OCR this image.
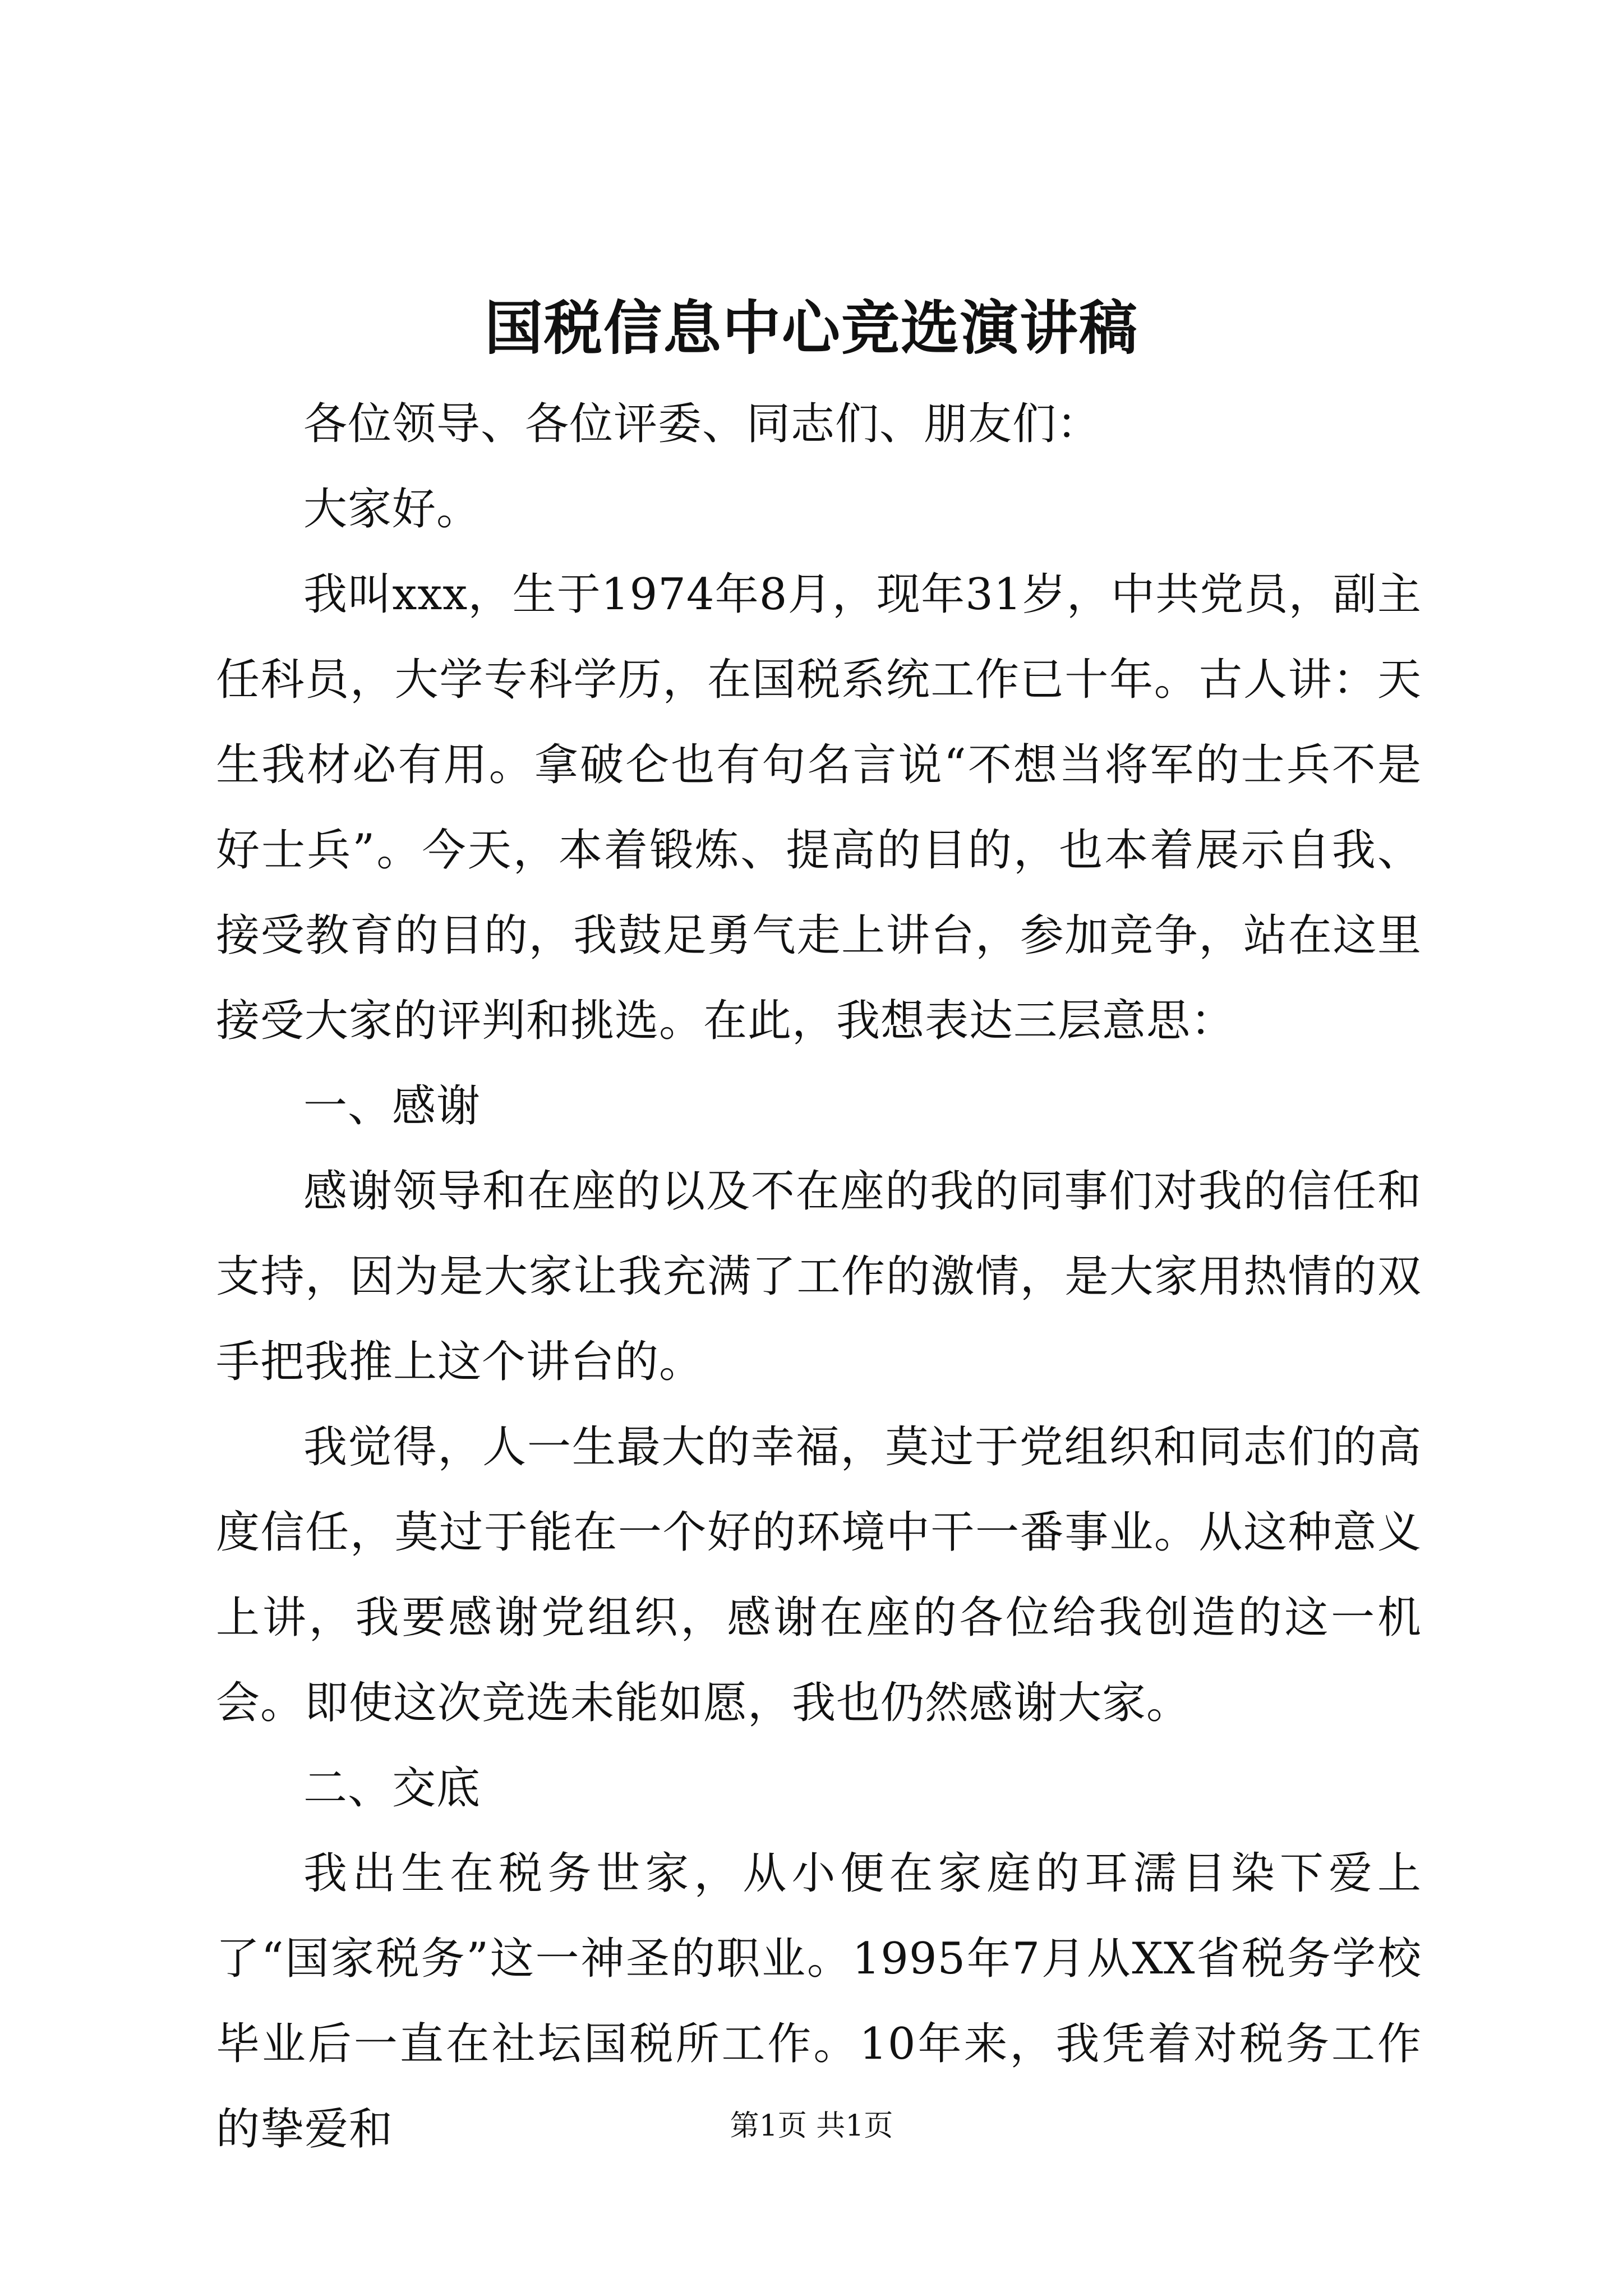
国税信息中心竞选演讲稿

各位领导、各位评委、同志们、朋友们：

大家好。

我叫xxx，生于1974年8月，现年31岁，中共党员，副主任科员，大学专科学历，在国税系统工作已十年。古人讲：天生我材必有用。拿破仑也有句名言说“不想当将军的士兵不是好士兵”。今天，本着锻炼、提高的目的，也本着展示自我、接受教育的目的，我鼓足勇气走上讲台，参加竞争，站在这里接受大家的评判和挑选。在此，我想表达三层意思：

一、感谢

感谢领导和在座的以及不在座的我的同事们对我的信任和支持，因为是大家让我充满了工作的激情，是大家用热情的双手把我推上这个讲台的。

我觉得，人一生最大的幸福，莫过于党组织和同志们的高度信任，莫过于能在一个好的环境中干一番事业。从这种意义上讲，我要感谢党组织，感谢在座的各位给我创造的这一机会。即使这次竞选未能如愿，我也仍然感谢大家。

二、交底

我出生在税务世家，从小便在家庭的耳濡目染下爱上了“国家税务”这一神圣的职业。1995年7月从XX省税务学校毕业后一直在社坛国税所工作。10年来，我凭着对税务工作的挚爱和	第1页 共1页
